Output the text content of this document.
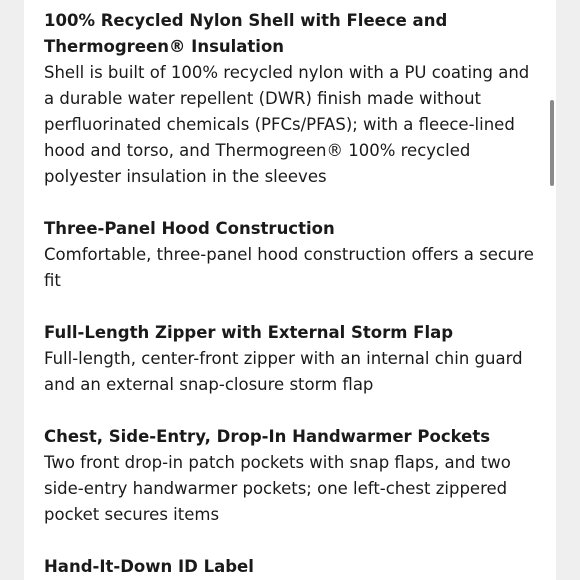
100% Recycled Nylon Shell with Fleece and Thermogreen® Insulation

Shell is built of 100% recycled nylon with a PU coating and a durable water repellent (DWR) finish made without perfluorinated chemicals (PFCs/PFAS); with a fleece-lined hood and torso, and Thermogreen® 100% recycled polyester insulation in the sleeves

Three-Panel Hood Construction

Comfortable, three-panel hood construction offers a secure fit

Full-Length Zipper with External Storm Flap

Full-length, center-front zipper with an internal chin guard and an external snap-closure storm flap

Chest, Side-Entry, Drop-In Handwarmer Pockets

Two front drop-in patch pockets with snap flaps, and two side-entry handwarmer pockets; one left-chest zippered pocket secures items

Hand-It-Down ID Label
